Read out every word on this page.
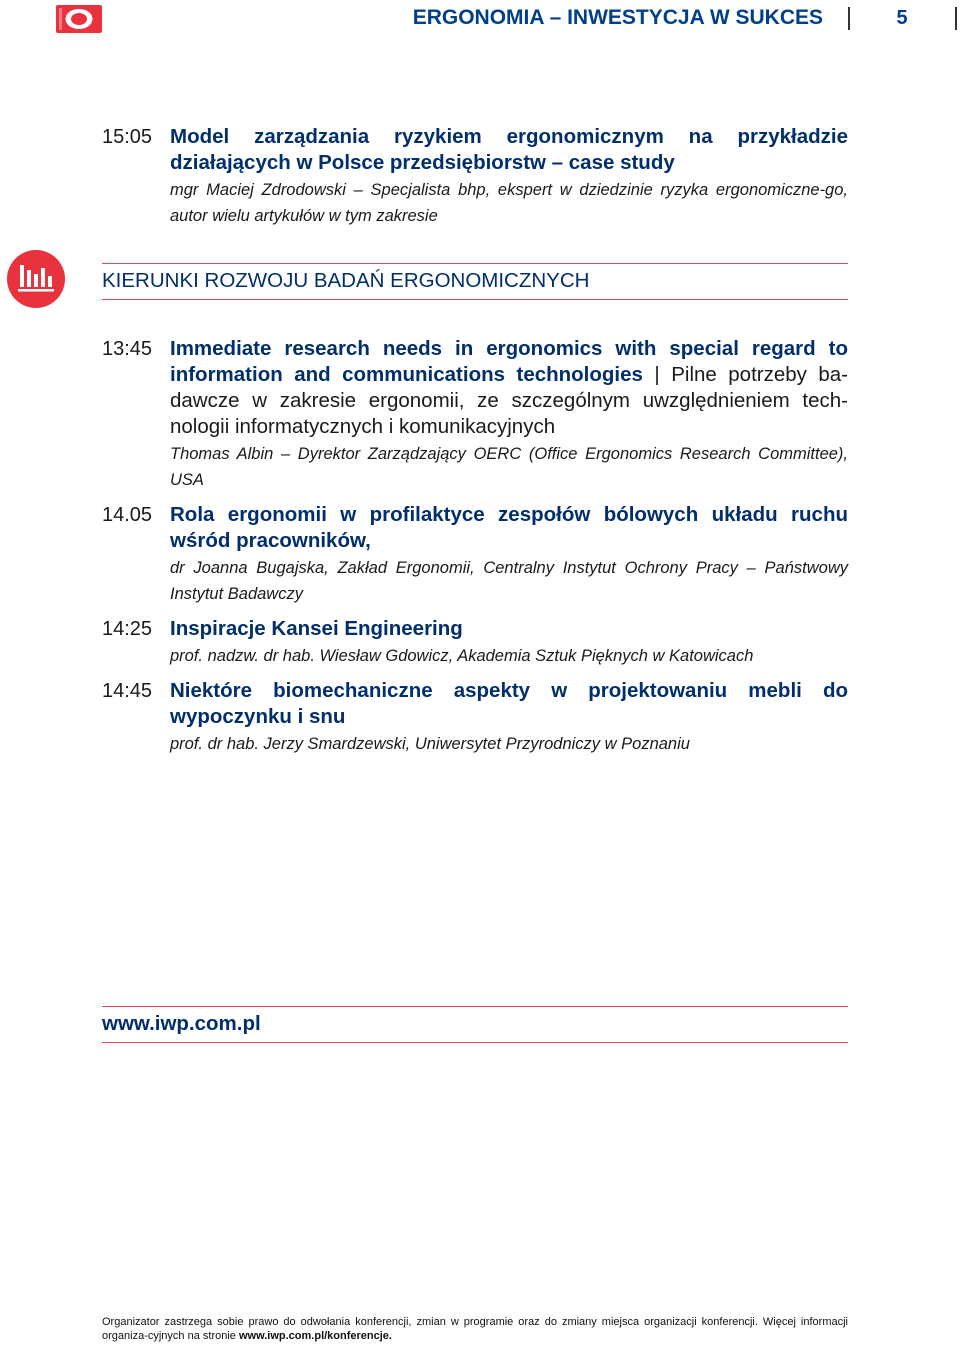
ERGONOMIA – INWESTYCJA W SUKCES	5
15:05 Model zarządzania ryzykiem ergonomicznym na przykładzie działających w Polsce przedsiębiorstw – case study
mgr Maciej Zdrodowski – Specjalista bhp, ekspert w dziedzinie ryzyka ergonomiczne-go, autor wielu artykułów w tym zakresie
KIERUNKI ROZWOJU BADAŃ ERGONOMICZNYCH
13:45 Immediate research needs in ergonomics with special regard to information and communications technologies | Pilne potrzeby ba-dawcze w zakresie ergonomii, ze szczególnym uwzględnieniem tech-nologii informatycznych i komunikacyjnych
Thomas Albin – Dyrektor Zarządzający OERC (Office Ergonomics Research Committee), USA
14.05 Rola ergonomii w profilaktyce zespołów bólowych układu ruchu wśród pracowników,
dr Joanna Bugajska, Zakład Ergonomii, Centralny Instytut Ochrony Pracy – Państwowy Instytut Badawczy
14:25 Inspiracje Kansei Engineering
prof. nadzw. dr hab. Wiesław Gdowicz, Akademia Sztuk Pięknych w Katowicach
14:45 Niektóre biomechaniczne aspekty w projektowaniu mebli do wypoczynku i snu
prof. dr hab. Jerzy Smardzewski, Uniwersytet Przyrodniczy w Poznaniu
www.iwp.com.pl
Organizator zastrzega sobie prawo do odwołania konferencji, zmian w programie oraz do zmiany miejsca organizacji konferencji. Więcej informacji organiza-cyjnych na stronie www.iwp.com.pl/konferencje.
